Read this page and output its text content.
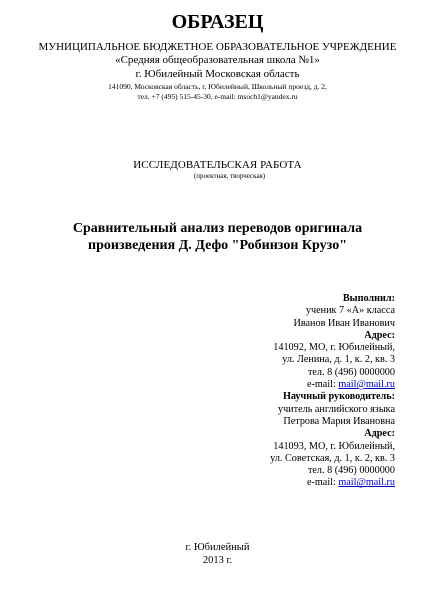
ОБРАЗЕЦ
МУНИЦИПАЛЬНОЕ БЮДЖЕТНОЕ ОБРАЗОВАТЕЛЬНОЕ УЧРЕЖДЕНИЕ
«Средняя общеобразовательная школа №1»
г. Юбилейный Московская область
141090, Московская область, г. Юбилейный, Школьный проезд, д. 2,
тел. +7 (495) 515-45-30, e-mail: msoch1@yandex.ru
ИССЛЕДОВАТЕЛЬСКАЯ РАБОТА
(проектная, творческая)
Сравнительный анализ переводов оригинала
произведения Д. Дефо "Робинзон Крузо"
Выполнил:
ученик 7 «А» класса
Иванов Иван Иванович
Адрес:
141092, МО, г. Юбилейный,
ул. Ленина, д. 1, к. 2, кв. 3
тел. 8 (496) 0000000
e-mail: mail@mail.ru
Научный руководитель:
учитель английского языка
Петрова Мария Ивановна
Адрес:
141093, МО, г. Юбилейный,
ул. Советская, д. 1, к. 2, кв. 3
тел. 8 (496) 0000000
e-mail: mail@mail.ru
г. Юбилейный
2013 г.
